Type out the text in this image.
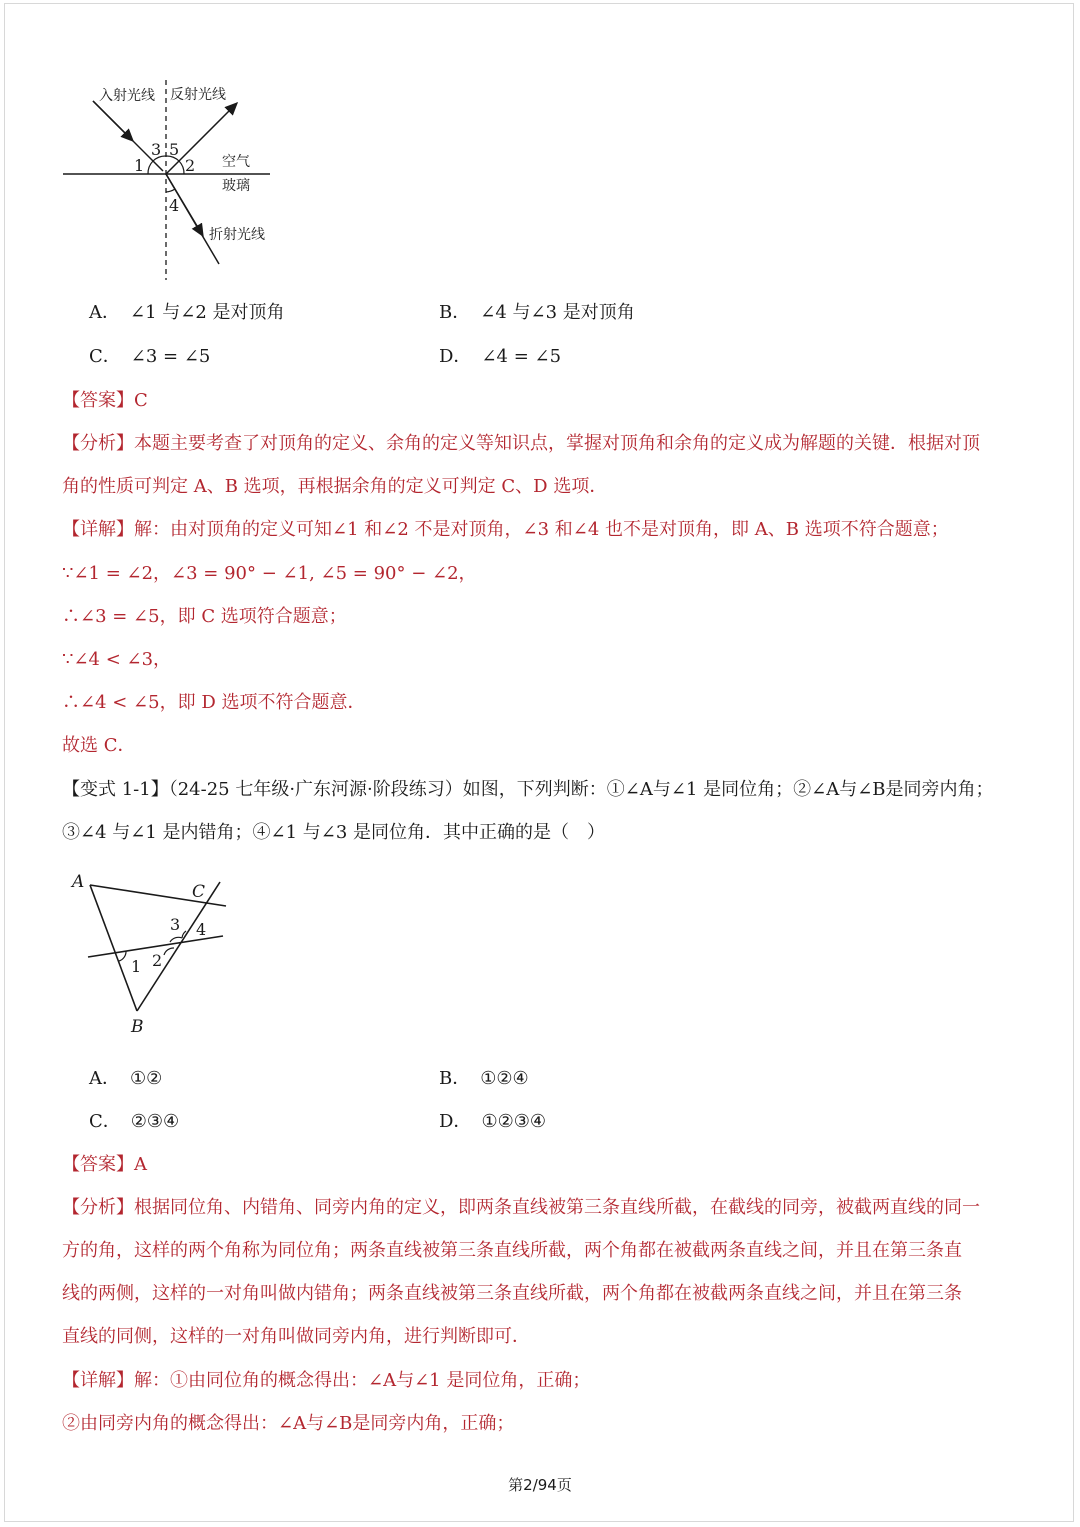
入射光线 反射光线
空气
玻璃
折射光线
1
3 5
2
4
A． ∠1 与∠2 是对顶角	B． ∠4 与∠3 是对顶角
C． ∠3 = ∠5	D． ∠4 = ∠5

【答案】C

【分析】本题主要考查了对顶角的定义、余角的定义等知识点，掌握对顶角和余角的定义成为解题的关键．根据对顶

角的性质可判定 A、B 选项，再根据余角的定义可判定 C、D 选项．

【详解】解：由对顶角的定义可知∠1 和∠2 不是对顶角，∠3 和∠4 也不是对顶角，即 A、B 选项不符合题意；

∵∠1 = ∠2，∠3 = 90° − ∠1, ∠5 = 90° − ∠2，

∴∠3 = ∠5，即 C 选项符合题意；

∵∠4 < ∠3，

∴∠4 < ∠5，即 D 选项不符合题意．

故选 C．

【变式 1-1】（24-25 七年级·广东河源·阶段练习）如图，下列判断：①∠A与∠1 是同位角；②∠A与∠B是同旁内角；

③∠4 与∠1 是内错角；④∠1 与∠3 是同位角．其中正确的是（　）

A	C
B
1 2
3 4
A． ①②	B． ①②④
C． ②③④	D． ①②③④

【答案】A

【分析】根据同位角、内错角、同旁内角的定义，即两条直线被第三条直线所截，在截线的同旁，被截两直线的同一

方的角，这样的两个角称为同位角；两条直线被第三条直线所截，两个角都在被截两条直线之间，并且在第三条直

线的两侧，这样的一对角叫做内错角；两条直线被第三条直线所截，两个角都在被截两条直线之间，并且在第三条

直线的同侧，这样的一对角叫做同旁内角，进行判断即可．

【详解】解：①由同位角的概念得出：∠A与∠1 是同位角，正确；

②由同旁内角的概念得出：∠A与∠B是同旁内角，正确；

第2/94页
